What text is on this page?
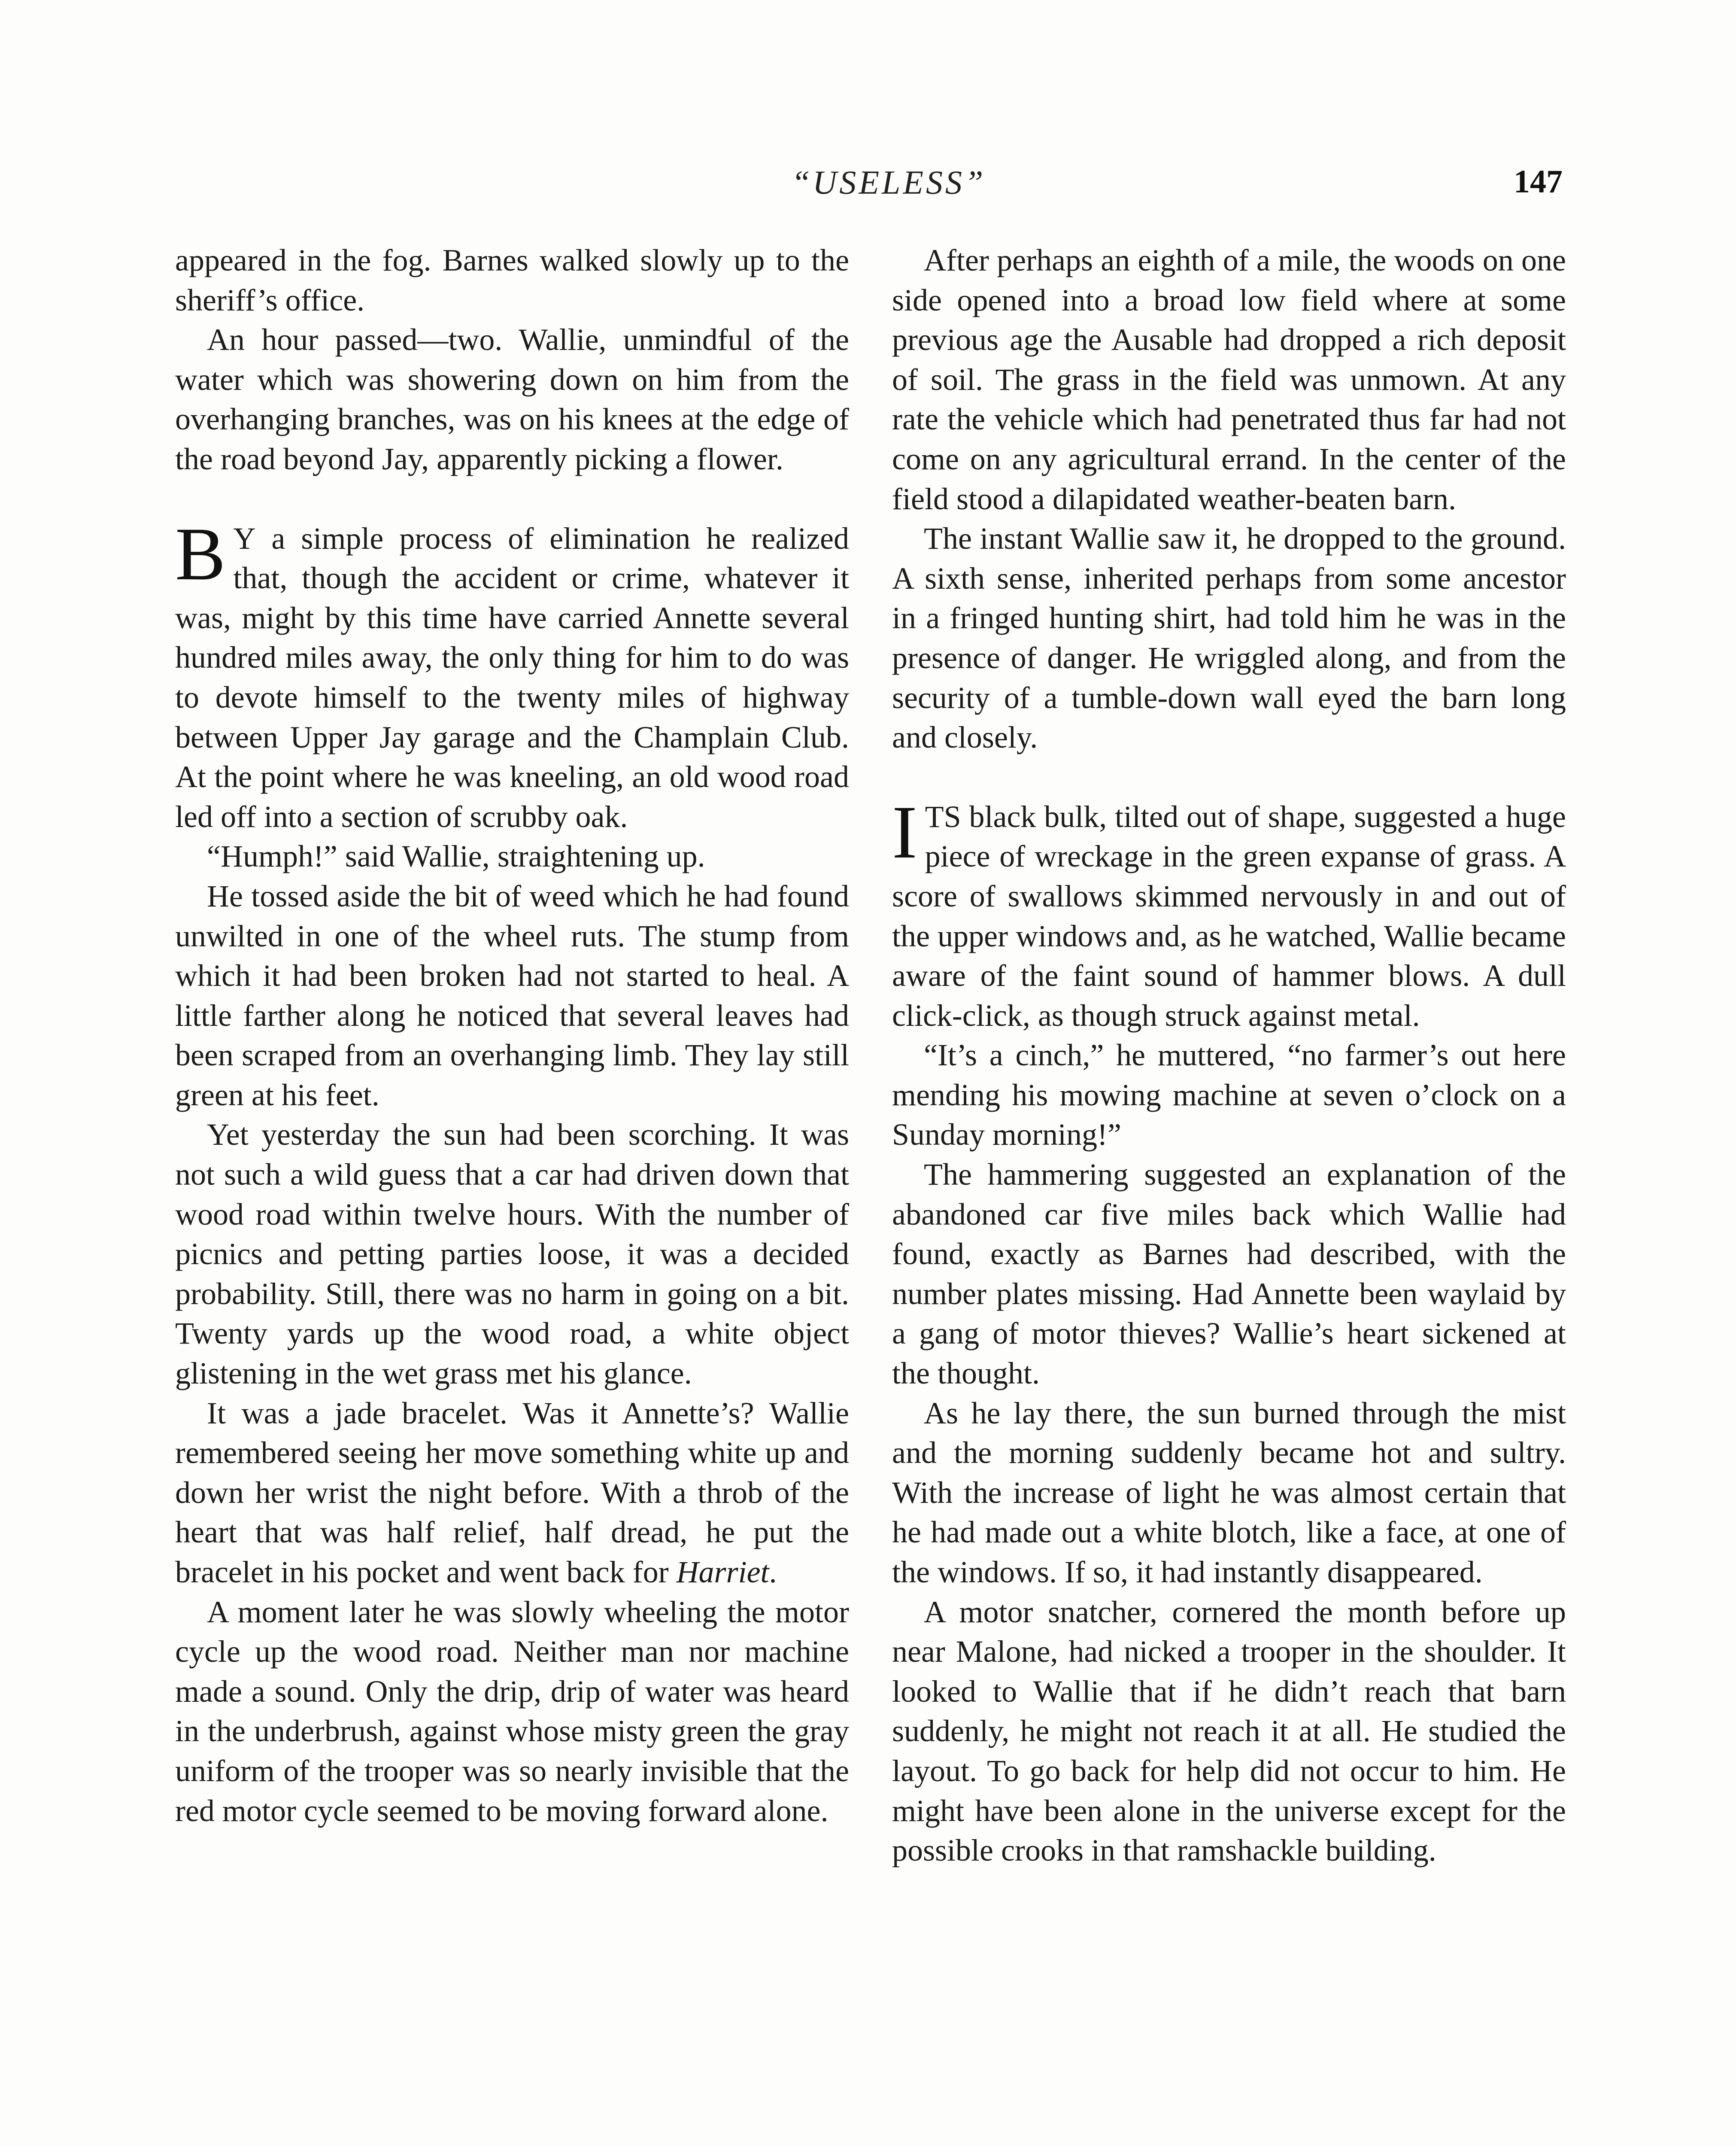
“USELESS”	147

appeared in the fog. Barnes walked slowly up to the sheriff’s office.

An hour passed—two. Wallie, unmindful of the water which was showering down on him from the overhanging branches, was on his knees at the edge of the road beyond Jay, apparently picking a flower.

B Y a simple process of elimination he realized that, though the accident or crime, whatever it was, might by this time have carried Annette several hundred miles away, the only thing for him to do was to devote himself to the twenty miles of highway between Upper Jay garage and the Champlain Club. At the point where he was kneeling, an old wood road led off into a section of scrubby oak.

“Humph!” said Wallie, straightening up.

He tossed aside the bit of weed which he had found unwilted in one of the wheel ruts. The stump from which it had been broken had not started to heal. A little farther along he noticed that several leaves had been scraped from an overhanging limb. They lay still green at his feet.

Yet yesterday the sun had been scorching. It was not such a wild guess that a car had driven down that wood road within twelve hours. With the number of picnics and petting parties loose, it was a decided probability. Still, there was no harm in going on a bit. Twenty yards up the wood road, a white object glistening in the wet grass met his glance.

It was a jade bracelet. Was it Annette’s? Wallie remembered seeing her move something white up and down her wrist the night before. With a throb of the heart that was half relief, half dread, he put the bracelet in his pocket and went back for Harriet.

A moment later he was slowly wheeling the motor cycle up the wood road. Neither man nor machine made a sound. Only the drip, drip of water was heard in the underbrush, against whose misty green the gray uniform of the trooper was so nearly invisible that the red motor cycle seemed to be moving forward alone.

After perhaps an eighth of a mile, the woods on one side opened into a broad low field where at some previous age the Ausable had dropped a rich deposit of soil. The grass in the field was unmown. At any rate the vehicle which had penetrated thus far had not come on any agricultural errand. In the center of the field stood a dilapidated weather-beaten barn.

The instant Wallie saw it, he dropped to the ground. A sixth sense, inherited perhaps from some ancestor in a fringed hunting shirt, had told him he was in the presence of danger. He wriggled along, and from the security of a tumble-down wall eyed the barn long and closely.

ITS black bulk, tilted out of shape, suggested a huge piece of wreckage in the green expanse of grass. A score of swallows skimmed nervously in and out of the upper windows and, as he watched, Wallie became aware of the faint sound of hammer blows. A dull click-click, as though struck against metal.

“It’s a cinch,” he muttered, “no farmer’s out here mending his mowing machine at seven o’clock on a Sunday morning!”

The hammering suggested an explanation of the abandoned car five miles back which Wallie had found, exactly as Barnes had described, with the number plates missing. Had Annette been waylaid by a gang of motor thieves? Wallie’s heart sickened at the thought.

As he lay there, the sun burned through the mist and the morning suddenly became hot and sultry. With the increase of light he was almost certain that he had made out a white blotch, like a face, at one of the windows. If so, it had instantly disappeared.

A motor snatcher, cornered the month before up near Malone, had nicked a trooper in the shoulder. It looked to Wallie that if he didn’t reach that barn suddenly, he might not reach it at all. He studied the layout. To go back for help did not occur to him. He might have been alone in the universe except for the possible crooks in that ramshackle building.
